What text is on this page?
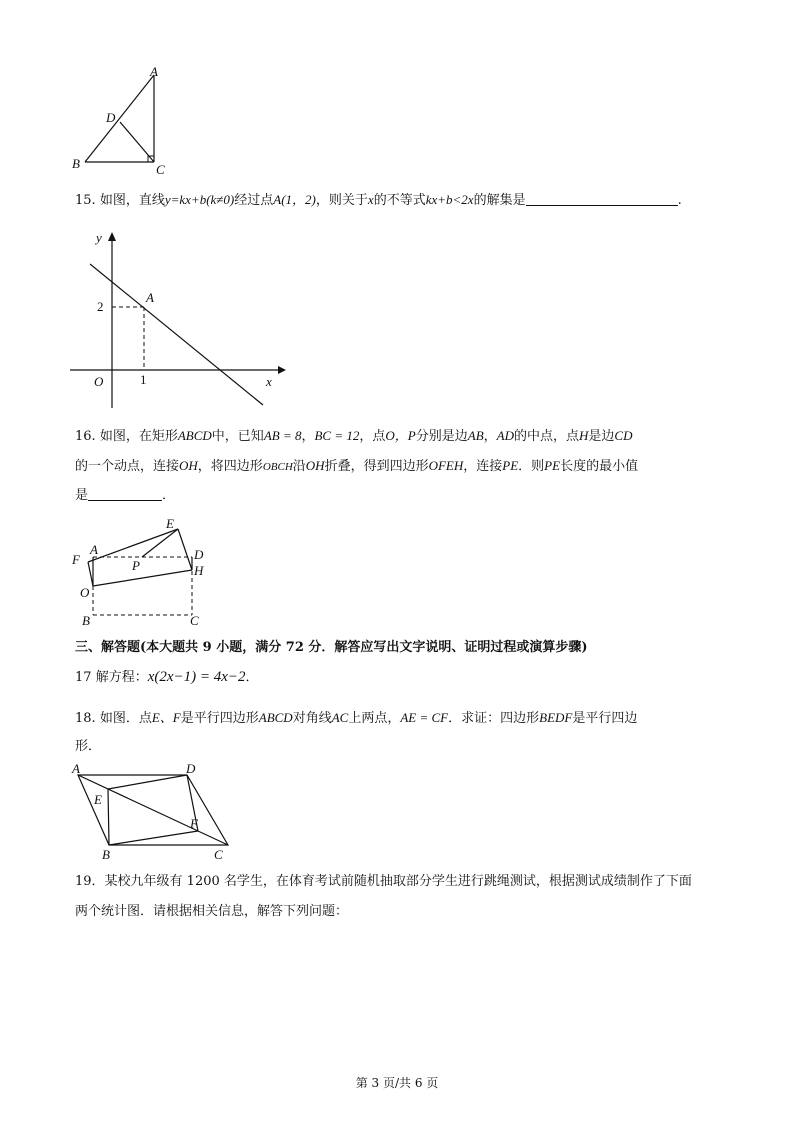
A
D
B	C
15. 如图，直线y=kx+b(k≠0)经过点A(1，2)，则关于x的不等式kx+b<2x的解集是	.
y
x
O	1
2
A
16. 如图，在矩形ABCD中，已知AB = 8，BC = 12，点O，P分别是边AB，AD的中点，点H是边CD
的一个动点，连接OH，将四边形OBCH沿OH折叠，得到四边形OFEH，连接PE．则PE长度的最小值
是	．
E
A	D
F	P	H
O
B	C
三、解答题(本大题共 9 小题，满分 72 分．解答应写出文字说明、证明过程或演算步骤)
17 解方程：x(2x−1) = 4x−2．
18. 如图．点E、F是平行四边形ABCD对角线AC上两点，AE = CF．求证：四边形BEDF是平行四边
形．
A	D
E
F
B	C
19．某校九年级有 1200 名学生，在体育考试前随机抽取部分学生进行跳绳测试，根据测试成绩制作了下面
两个统计图．请根据相关信息，解答下列问题：
第 3 页/共 6 页
